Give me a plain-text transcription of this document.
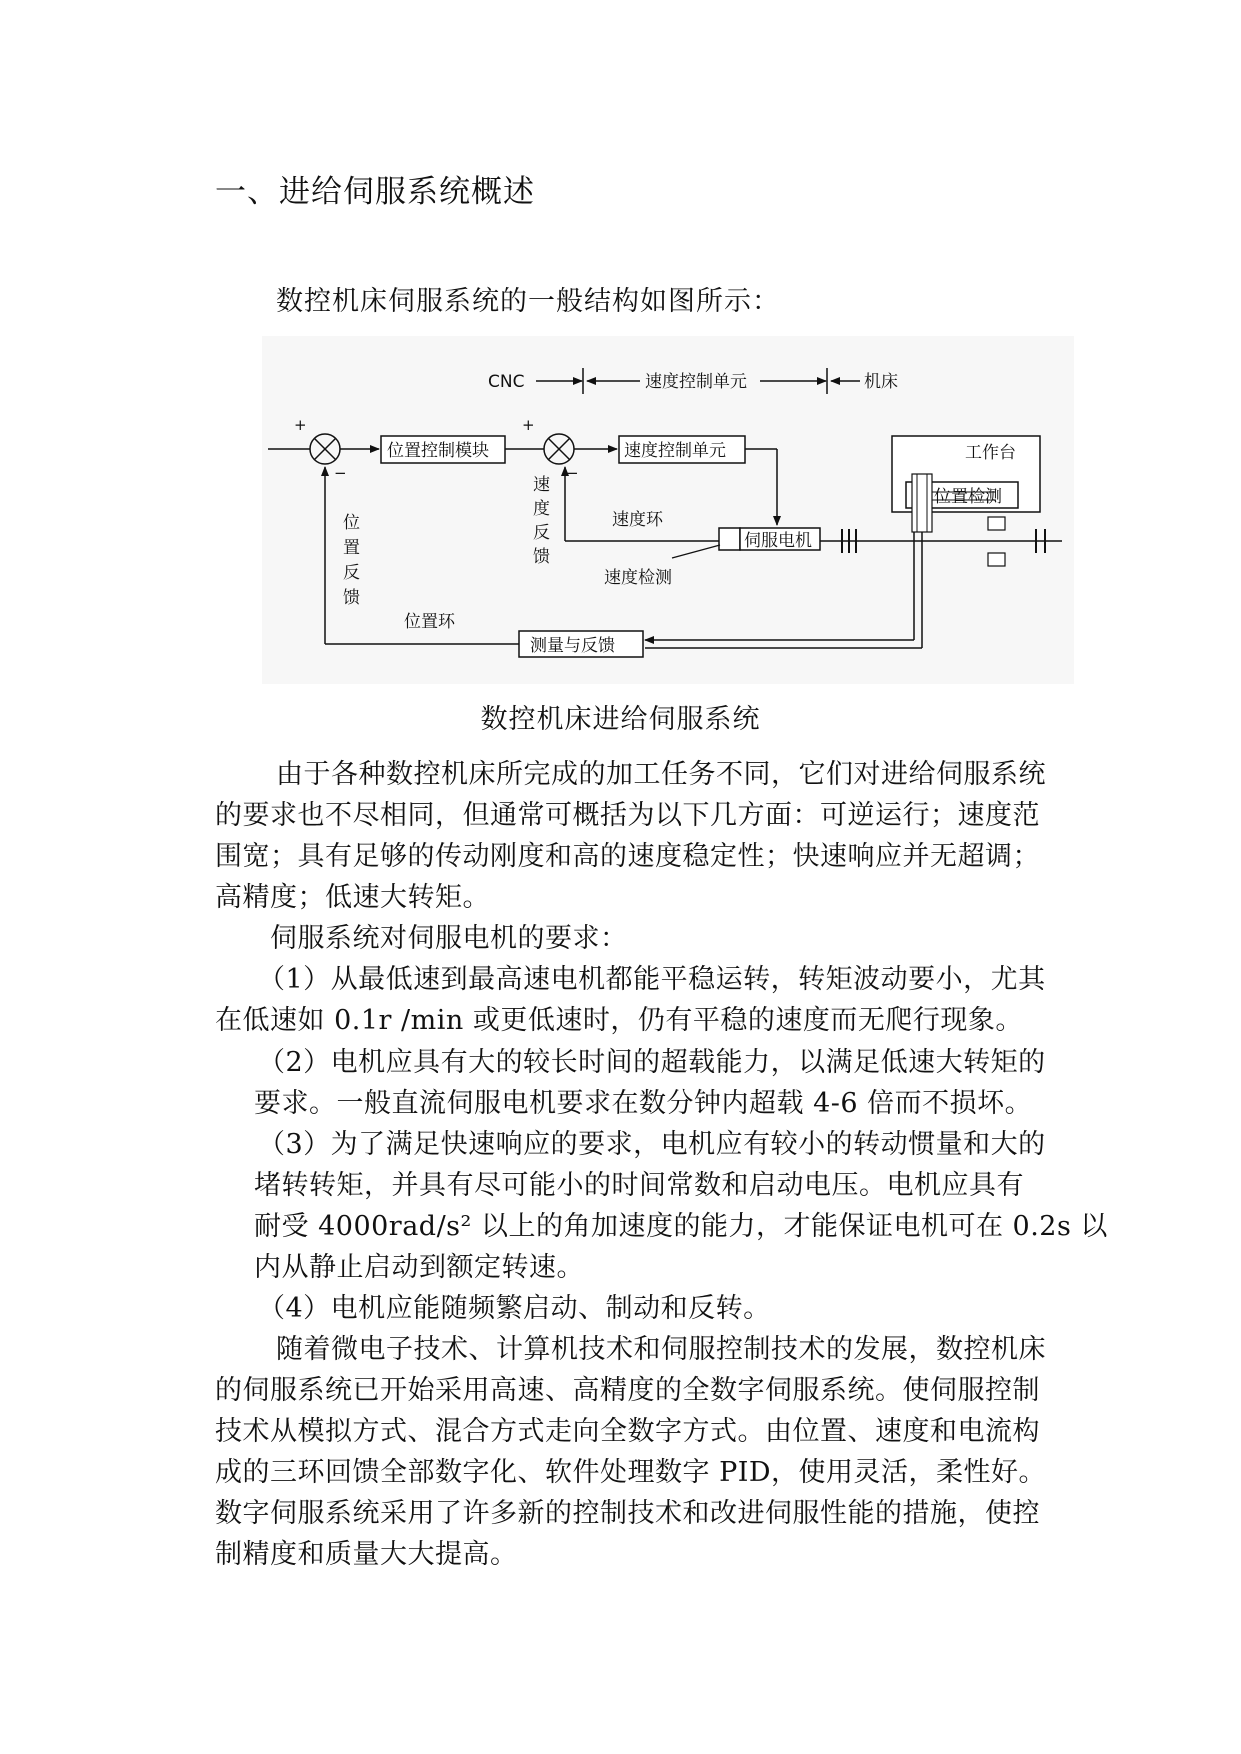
一、进给伺服系统概述
数控机床伺服系统的一般结构如图所示：
CNC	速度控制单元	机床
+
−
位置控制模块
+
−
速度控制单元
伺服电机
速
度
反
馈
速度环
速度检测
工作台
位置检测
测量与反馈
位置环
位
置
反
馈
数控机床进给伺服系统
由于各种数控机床所完成的加工任务不同，它们对进给伺服系统
的要求也不尽相同，但通常可概括为以下几方面：可逆运行；速度范
围宽；具有足够的传动刚度和高的速度稳定性；快速响应并无超调；
高精度；低速大转矩。
伺服系统对伺服电机的要求：
（1）从最低速到最高速电机都能平稳运转，转矩波动要小，尤其
在低速如 0.1r /min 或更低速时，仍有平稳的速度而无爬行现象。
（2）电机应具有大的较长时间的超载能力，以满足低速大转矩的
要求。一般直流伺服电机要求在数分钟内超载 4-6 倍而不损坏。
（3）为了满足快速响应的要求，电机应有较小的转动惯量和大的
堵转转矩，并具有尽可能小的时间常数和启动电压。电机应具有
耐受 4000rad/s² 以上的角加速度的能力，才能保证电机可在 0.2s 以
内从静止启动到额定转速。
（4）电机应能随频繁启动、制动和反转。
随着微电子技术、计算机技术和伺服控制技术的发展，数控机床
的伺服系统已开始采用高速、高精度的全数字伺服系统。使伺服控制
技术从模拟方式、混合方式走向全数字方式。由位置、速度和电流构
成的三环回馈全部数字化、软件处理数字 PID，使用灵活，柔性好。
数字伺服系统采用了许多新的控制技术和改进伺服性能的措施，使控
制精度和质量大大提高。
